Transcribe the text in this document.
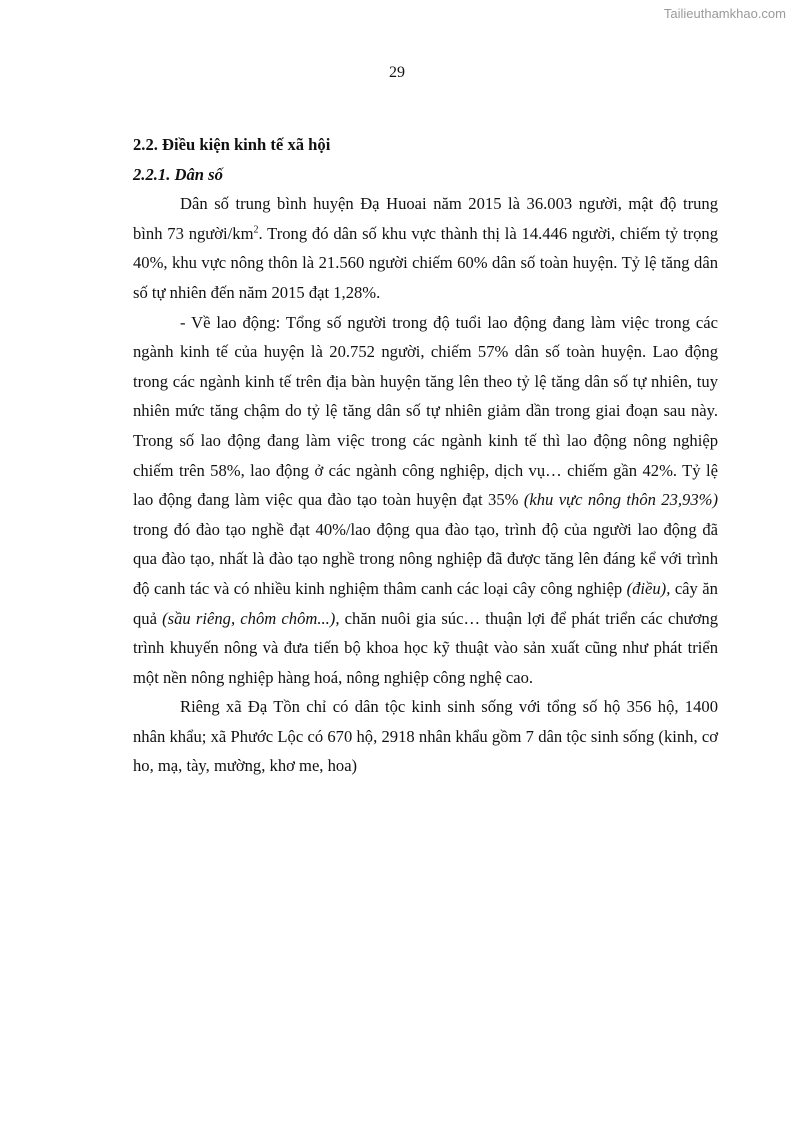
Tailieuthamkhao.com
29

2.2. Điều kiện kinh tế xã hội

2.2.1. Dân số

Dân số trung bình huyện Đạ Huoai năm 2015 là 36.003 người, mật độ trung bình 73 người/$km^2$. Trong đó dân số khu vực thành thị là 14.446 người, chiếm tỷ trọng 40%, khu vực nông thôn là 21.560 người chiếm 60% dân số toàn huyện. Tỷ lệ tăng dân số tự nhiên đến năm 2015 đạt 1,28%.

- Về lao động: Tổng số người trong độ tuổi lao động đang làm việc trong các ngành kinh tế của huyện là 20.752 người, chiếm 57% dân số toàn huyện. Lao động trong các ngành kinh tế trên địa bàn huyện tăng lên theo tỷ lệ tăng dân số tự nhiên, tuy nhiên mức tăng chậm do tỷ lệ tăng dân số tự nhiên giảm dần trong giai đoạn sau này. Trong số lao động đang làm việc trong các ngành kinh tế thì lao động nông nghiệp chiếm trên 58%, lao động ở các ngành công nghiệp, dịch vụ… chiếm gần 42%. Tỷ lệ lao động đang làm việc qua đào tạo toàn huyện đạt 35% (khu vực nông thôn 23,93%) trong đó đào tạo nghề đạt 40%/lao động qua đào tạo, trình độ của người lao động đã qua đào tạo, nhất là đào tạo nghề trong nông nghiệp đã được tăng lên đáng kể với trình độ canh tác và có nhiều kinh nghiệm thâm canh các loại cây công nghiệp (điều), cây ăn quả (sầu riêng, chôm chôm...), chăn nuôi gia súc… thuận lợi để phát triển các chương trình khuyến nông và đưa tiến bộ khoa học kỹ thuật vào sản xuất cũng như phát triển một nền nông nghiệp hàng hoá, nông nghiệp công nghệ cao.

Riêng xã Đạ Tồn chỉ có dân tộc kinh sinh sống với tổng số hộ 356 hộ, 1400 nhân khẩu; xã Phước Lộc có 670 hộ, 2918 nhân khẩu gồm 7 dân tộc sinh sống (kinh, cơ ho, mạ, tày, mường, khơ me, hoa)
